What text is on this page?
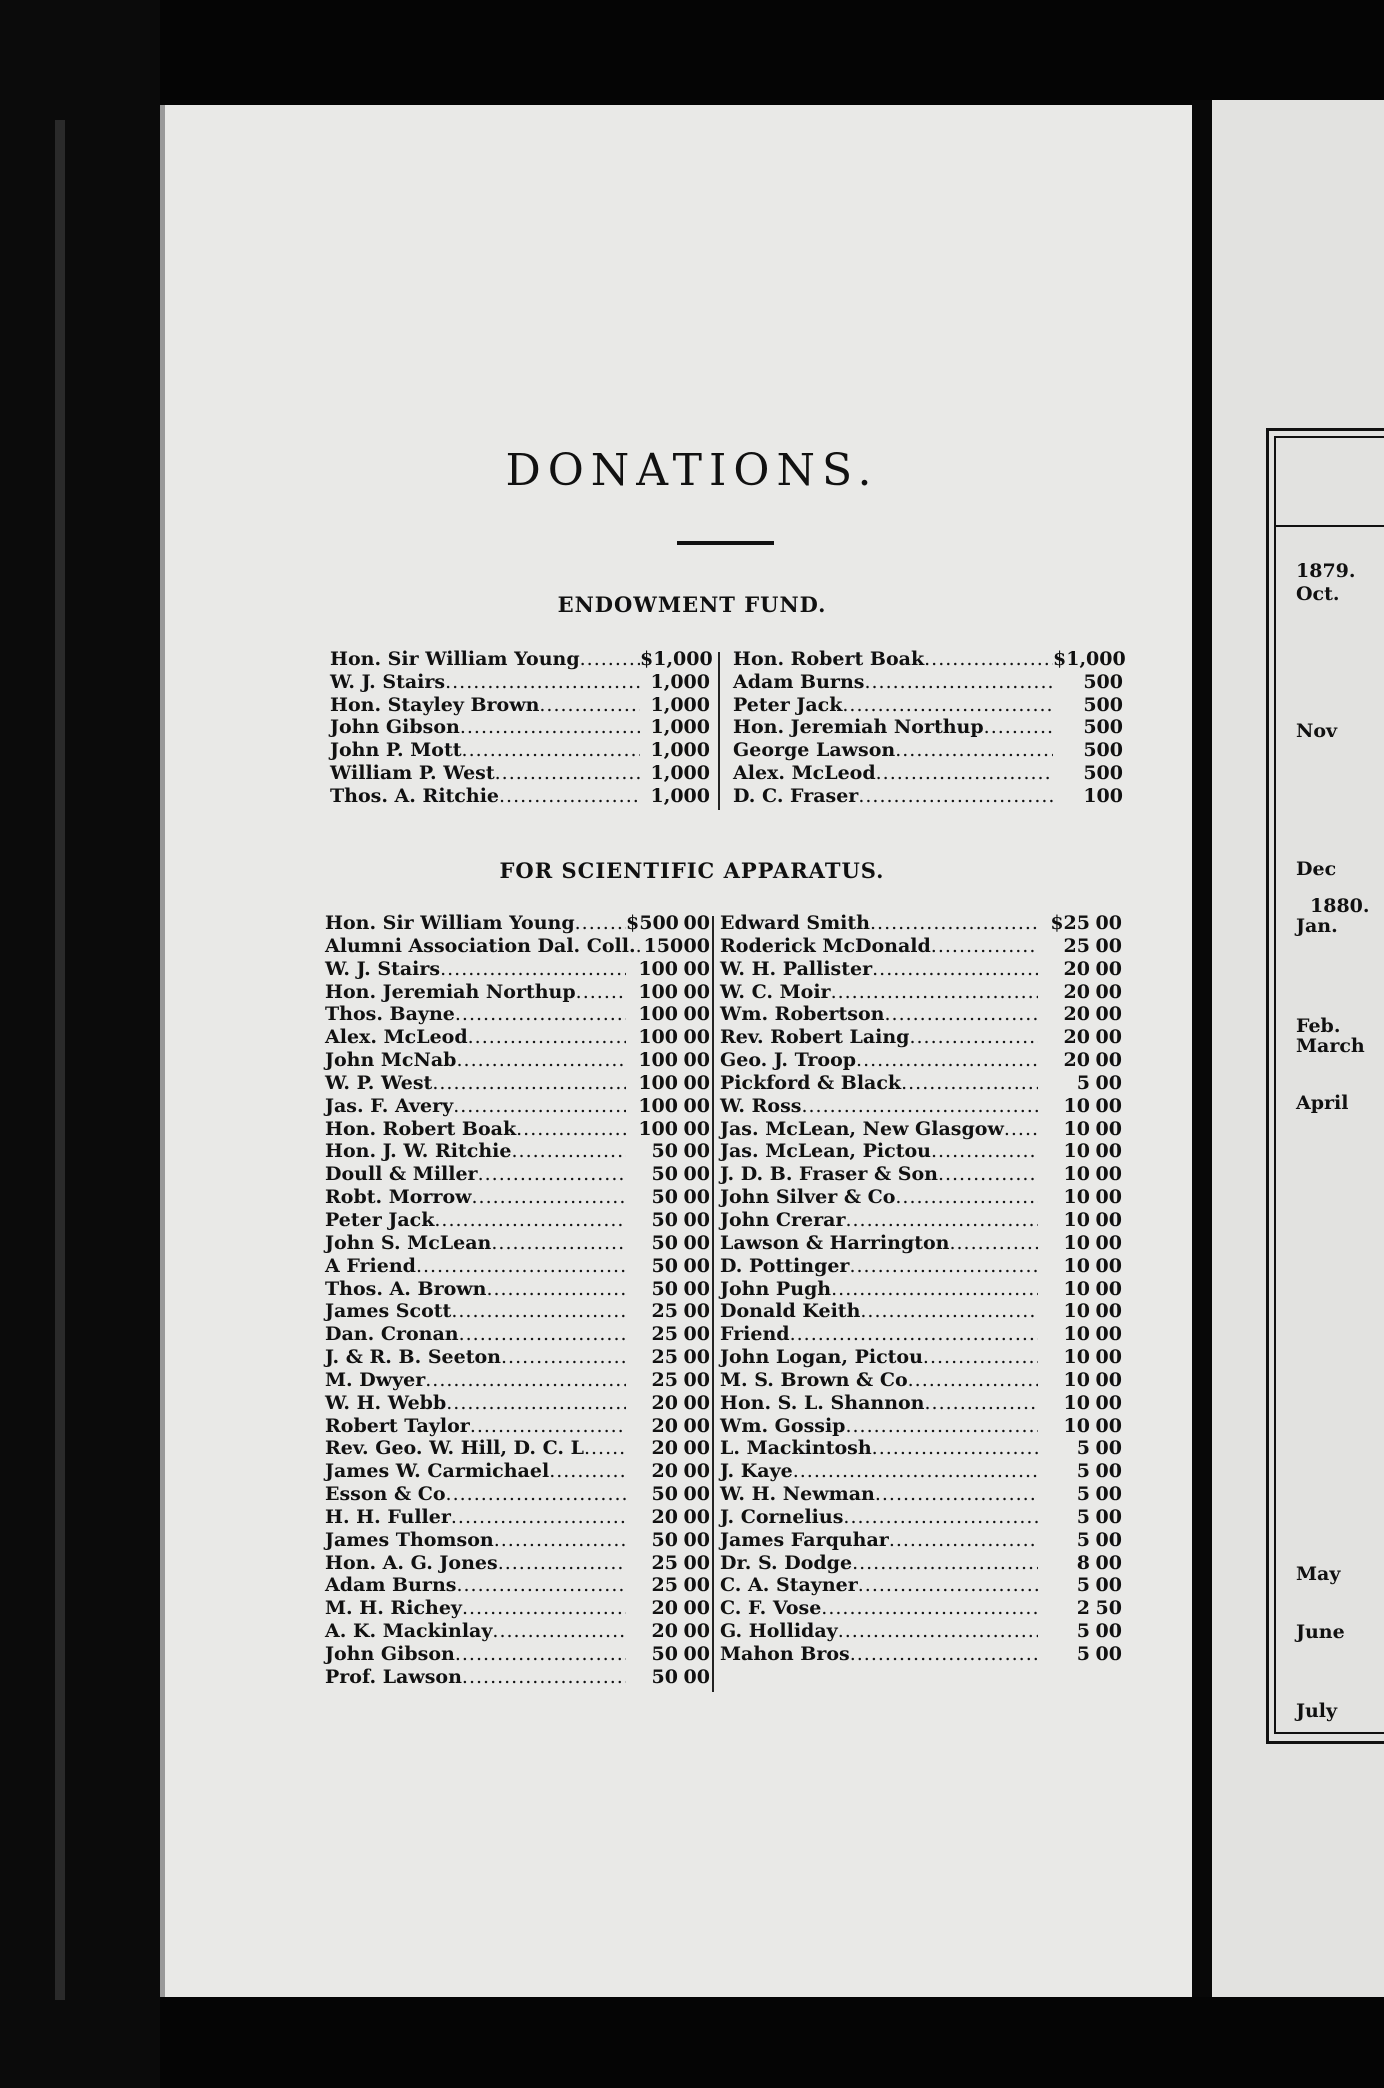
DONATIONS.
ENDOWMENT FUND.
Hon. Sir William Young .....	$1,000
W. J. Stairs .....	1,000
Hon. Stayley Brown .....	1,000
John Gibson .....	1,000
John P. Mott .....	1,000
William P. West .....	1,000
Thos. A. Ritchie .....	1,000
Hon. Robert Boak .....	$1,000
Adam Burns .....	500
Peter Jack .....	500
Hon. Jeremiah Northup .....	500
George Lawson .....	500
Alex. McLeod .....	500
D. C. Fraser .....	100
FOR SCIENTIFIC APPARATUS.
Hon. Sir William Young .....	$500 00
Alumni Association Dal. Coll. ..... 150 00
W. J. Stairs .....	100 00
Hon. Jeremiah Northup .....	100 00
Thos. Bayne .....	100 00
Alex. McLeod .....	100 00
John McNab .....	100 00
W. P. West .....	100 00
Jas. F. Avery .....	100 00
Hon. Robert Boak .....	100 00
Hon. J. W. Ritchie .....	50 00
Doull & Miller .....	50 00
Robt. Morrow .....	50 00
Peter Jack .....	50 00
John S. McLean .....	50 00
A Friend .....	50 00
Thos. A. Brown .....	50 00
James Scott .....	25 00
Dan. Cronan .....	25 00
J. & R. B. Seeton .....	25 00
M. Dwyer .....	25 00
W. H. Webb .....	20 00
Robert Taylor .....	20 00
Rev. Geo. W. Hill, D. C. L .....	20 00
James W. Carmichael .....	20 00
Esson & Co .....	50 00
H. H. Fuller .....	20 00
James Thomson .....	50 00
Hon. A. G. Jones .....	25 00
Adam Burns .....	25 00
M. H. Richey .....	20 00
A. K. Mackinlay .....	20 00
John Gibson .....	50 00
Prof. Lawson .....	50 00
Edward Smith .....	$25 00
Roderick McDonald .....	25 00
W. H. Pallister .....	20 00
W. C. Moir .....	20 00
Wm. Robertson .....	20 00
Rev. Robert Laing .....	20 00
Geo. J. Troop .....	20 00
Pickford & Black .....	5 00
W. Ross .....	10 00
Jas. McLean, New Glasgow .....	10 00
Jas. McLean, Pictou .....	10 00
J. D. B. Fraser & Son .....	10 00
John Silver & Co .....	10 00
John Crerar .....	10 00
Lawson & Harrington .....	10 00
D. Pottinger .....	10 00
John Pugh .....	10 00
Donald Keith .....	10 00
Friend .....	10 00
John Logan, Pictou .....	10 00
M. S. Brown & Co .....	10 00
Hon. S. L. Shannon .....	10 00
Wm. Gossip .....	10 00
L. Mackintosh .....	5 00
J. Kaye .....	5 00
W. H. Newman .....	5 00
J. Cornelius .....	5 00
James Farquhar .....	5 00
Dr. S. Dodge .....	8 00
C. A. Stayner .....	5 00
C. F. Vose .....	2 50
G. Holliday .....	5 00
Mahon Bros .....	5 00
1879.
Oct.
Nov
Dec
1880.
Jan.
Feb.
March
April
May
June
July
